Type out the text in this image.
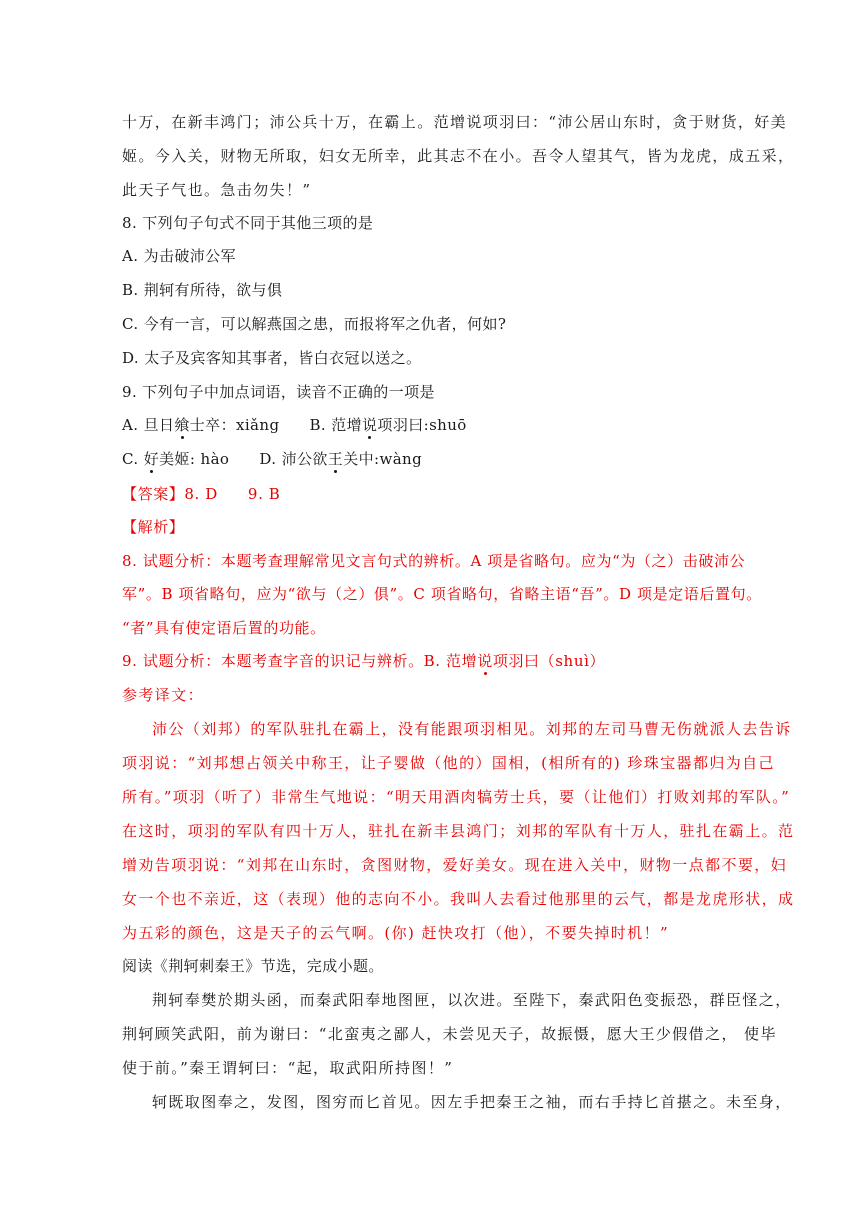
十万，在新丰鸿门；沛公兵十万，在霸上。范增说项羽曰：“沛公居山东时，贪于财货，好美
姬。今入关，财物无所取，妇女无所幸，此其志不在小。吾令人望其气，皆为龙虎，成五采，
此天子气也。急击勿失！”
8. 下列句子句式不同于其他三项的是
A. 为击破沛公军
B. 荆轲有所待，欲与俱
C. 今有一言，可以解燕国之患，而报将军之仇者，何如?
D. 太子及宾客知其事者，皆白衣冠以送之。
9. 下列句子中加点词语，读音不正确的一项是
A. 旦日飨士卒：xiǎng B. 范增说项羽曰:shuō
C. 好美姬: hào D. 沛公欲王关中:wàng
【答案】8. D 9. B
【解析】
8. 试题分析：本题考查理解常见文言句式的辨析。A 项是省略句。应为“为（之）击破沛公
军”。B 项省略句，应为“欲与（之）俱”。C 项省略句，省略主语“吾”。D 项是定语后置句。
“者”具有使定语后置的功能。
9. 试题分析：本题考查字音的识记与辨析。B. 范增说项羽曰（shuì）
参考译文：
沛公（刘邦）的军队驻扎在霸上，没有能跟项羽相见。刘邦的左司马曹无伤就派人去告诉
项羽说：“刘邦想占领关中称王，让子婴做（他的）国相，(相所有的) 珍珠宝器都归为自己
所有。”项羽（听了）非常生气地说：“明天用酒肉犒劳士兵，要（让他们）打败刘邦的军队。”
在这时，项羽的军队有四十万人，驻扎在新丰县鸿门；刘邦的军队有十万人，驻扎在霸上。范
增劝告项羽说：“刘邦在山东时，贪图财物，爱好美女。现在进入关中，财物一点都不要，妇
女一个也不亲近，这（表现）他的志向不小。我叫人去看过他那里的云气，都是龙虎形状，成
为五彩的颜色，这是天子的云气啊。(你) 赶快攻打（他），不要失掉时机！”
阅读《荆轲刺秦王》节选，完成小题。
荆轲奉樊於期头函，而秦武阳奉地图匣，以次进。至陛下，秦武阳色变振恐，群臣怪之，
荆轲顾笑武阳，前为谢曰：“北蛮夷之鄙人，未尝见天子，故振慑，愿大王少假借之， 使毕
使于前。”秦王谓轲曰：“起，取武阳所持图！”
轲既取图奉之，发图，图穷而匕首见。因左手把秦王之袖，而右手持匕首揕之。未至身，
